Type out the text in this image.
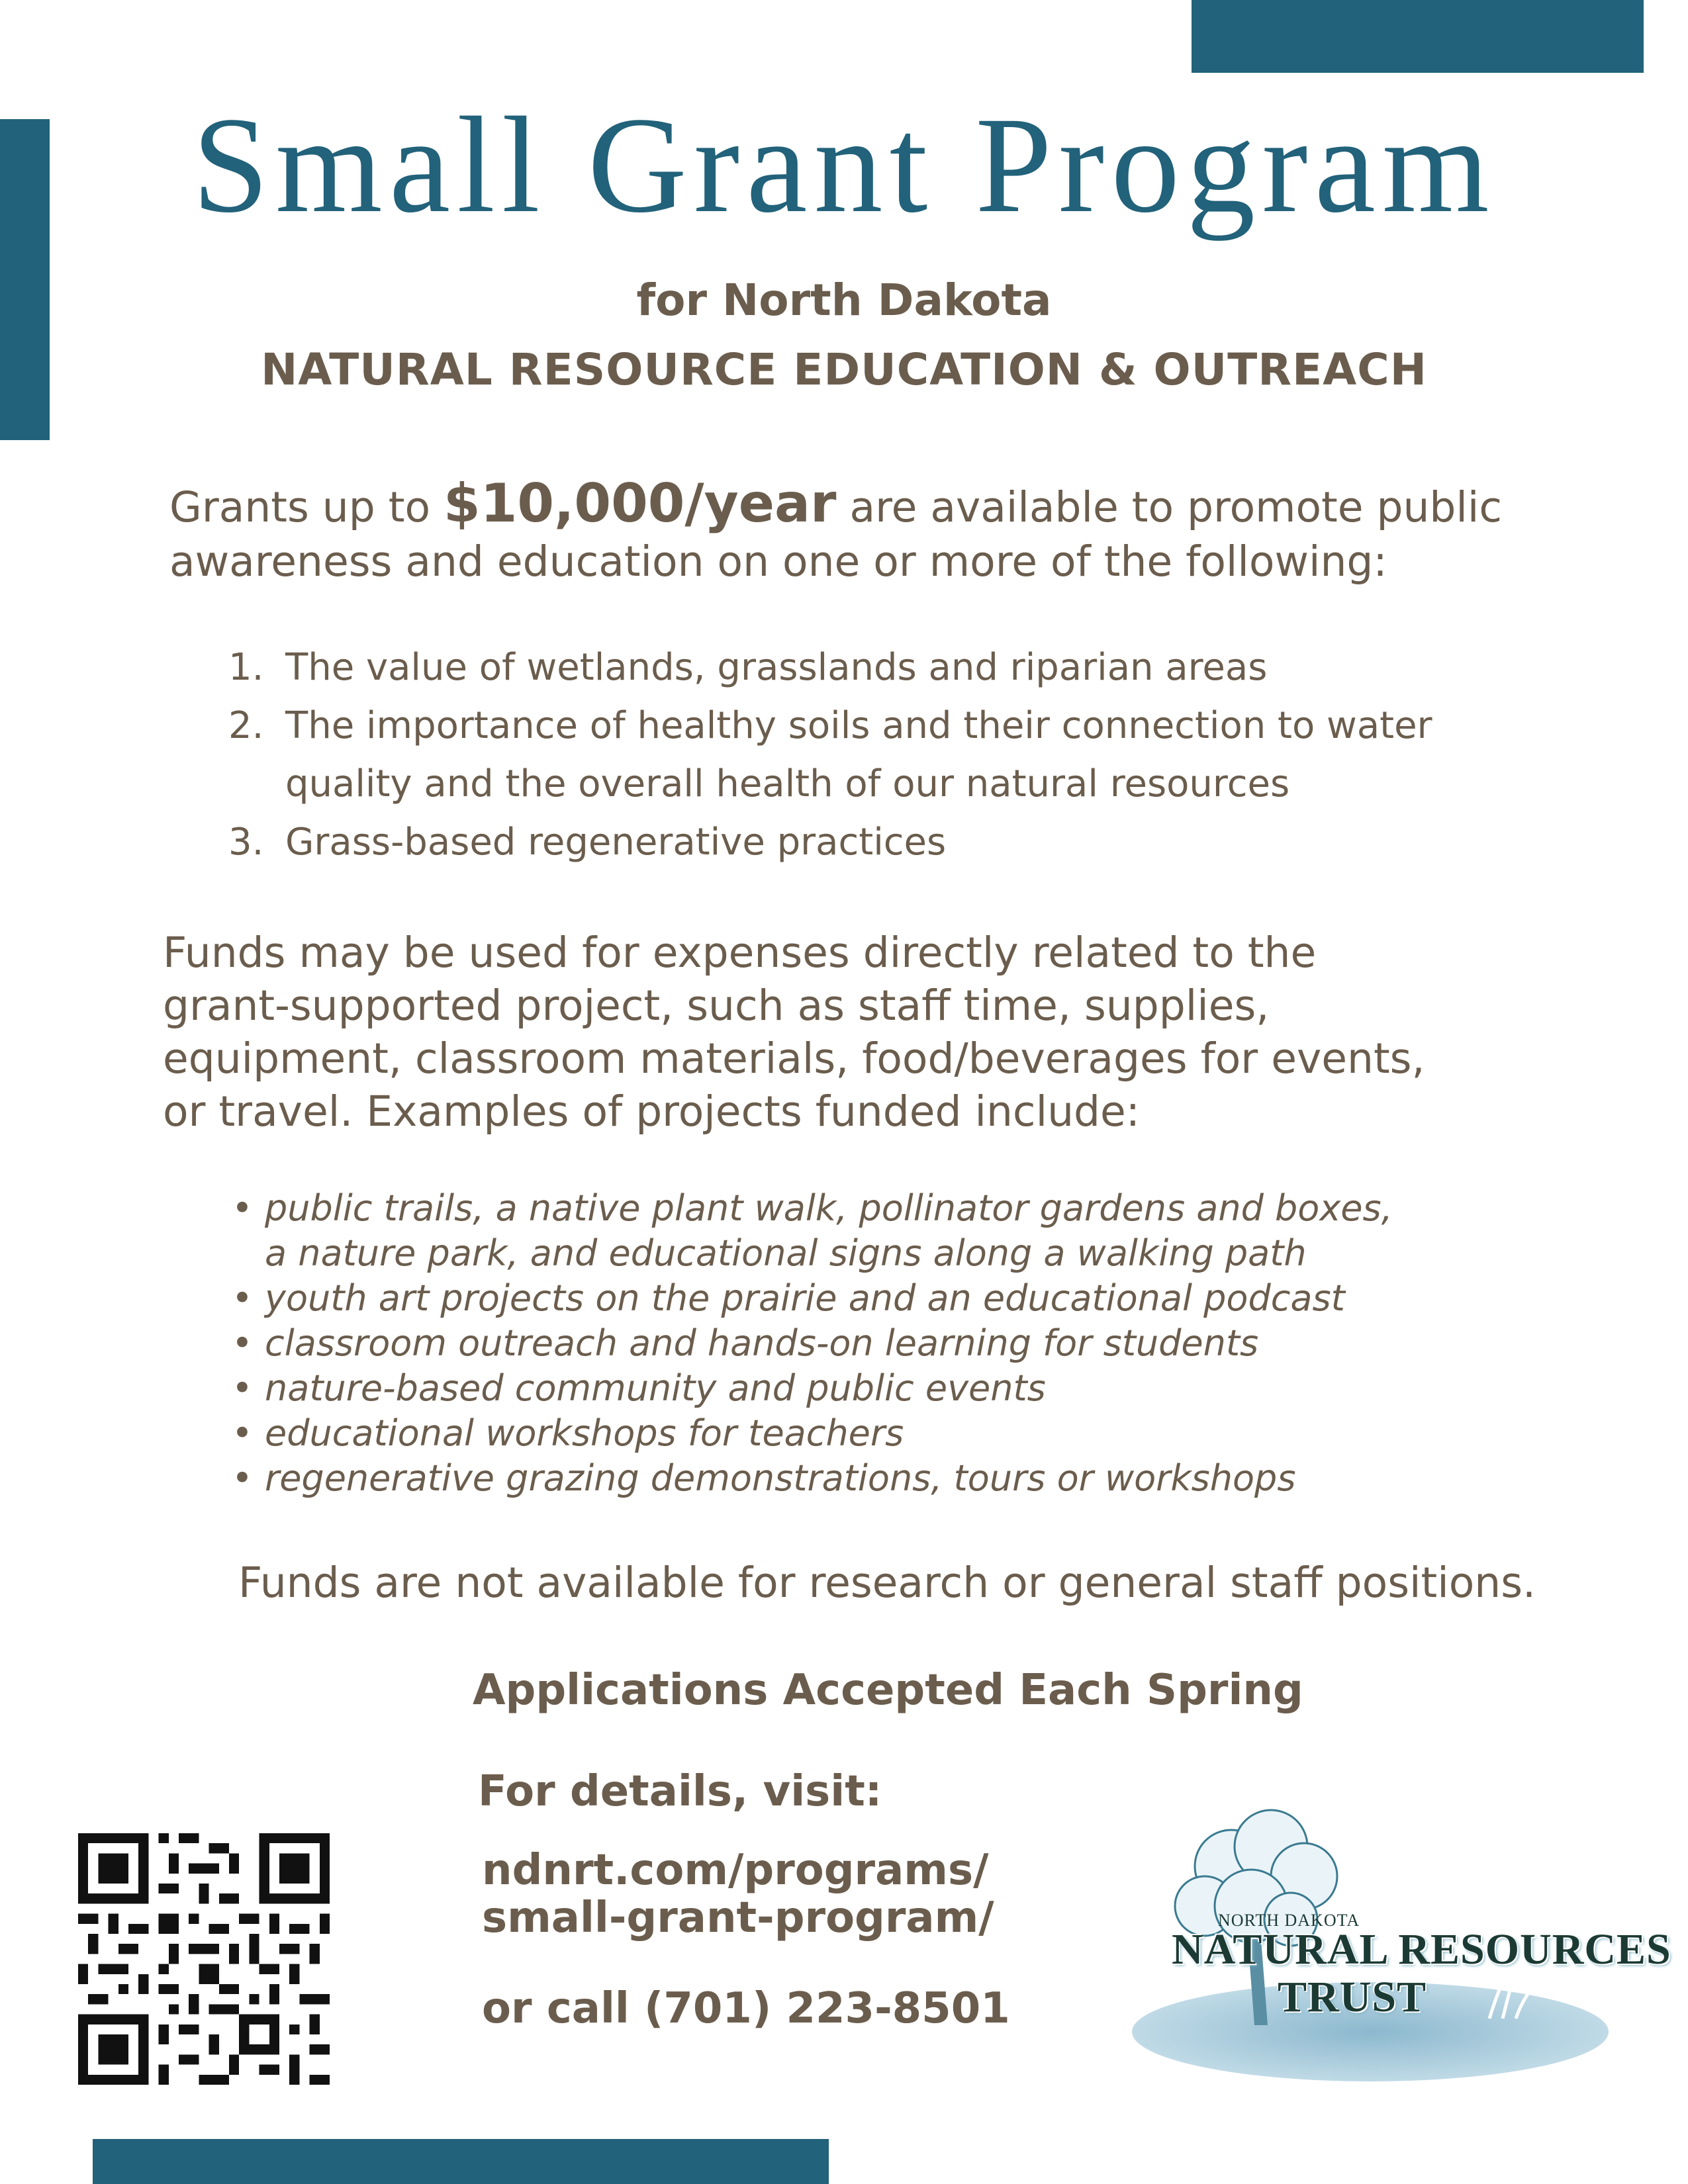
Small Grant Program
for North Dakota
NATURAL RESOURCE EDUCATION & OUTREACH
Grants up to $10,000/year are available to promote public
awareness and education on one or more of the following:
1. The value of wetlands, grasslands and riparian areas
2. The importance of healthy soils and their connection to water
quality and the overall health of our natural resources
3. Grass-based regenerative practices
Funds may be used for expenses directly related to the
grant-supported project, such as staff time, supplies,
equipment, classroom materials, food/beverages for events,
or travel. Examples of projects funded include:
• public trails, a native plant walk, pollinator gardens and boxes,
a nature park, and educational signs along a walking path
• youth art projects on the prairie and an educational podcast
• classroom outreach and hands-on learning for students
• nature-based community and public events
• educational workshops for teachers
• regenerative grazing demonstrations, tours or workshops
Funds are not available for research or general staff positions.
Applications Accepted Each Spring
For details, visit:
ndnrt.com/programs/
small-grant-program/
or call (701) 223-8501
NORTH DAKOTA
NATURAL RESOURCES
TRUST
